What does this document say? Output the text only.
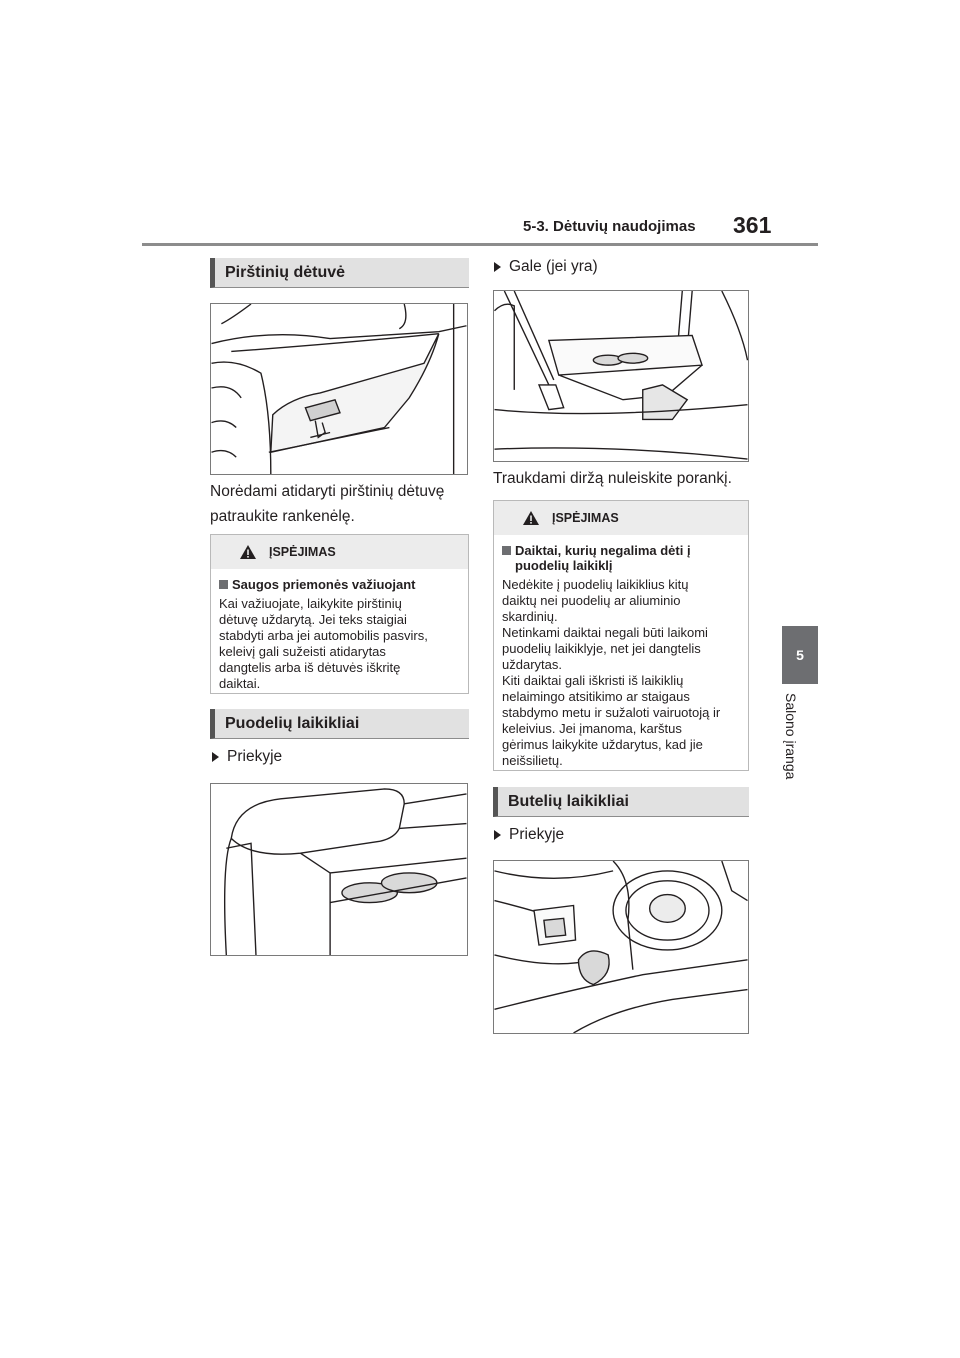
5-3. Dėtuvių naudojimas 361
5
Salono įranga
Pirštinių dėtuvė
Norėdami atidaryti pirštinių dėtuvę
patraukite rankenėlę.
ĮSPĖJIMAS
Saugos priemonės važiuojant
Kai važiuojate, laikykite pirštinių
dėtuvę uždarytą. Jei teks staigiai
stabdyti arba jei automobilis pasvirs,
keleivį gali sužeisti atidarytas
dangtelis arba iš dėtuvės iškritę
daiktai.
Puodelių laikikliai
Priekyje
Gale (jei yra)
Traukdami diržą nuleiskite porankį.
ĮSPĖJIMAS
Daiktai, kurių negalima dėti į
puodelių laikiklį
Nedėkite į puodelių laikiklius kitų
daiktų nei puodelių ar aliuminio
skardinių.
Netinkami daiktai negali būti laikomi
puodelių laikiklyje, net jei dangtelis
uždarytas.
Kiti daiktai gali iškristi iš laikiklių
nelaimingo atsitikimo ar staigaus
stabdymo metu ir sužaloti vairuotoją ir
keleivius. Jei įmanoma, karštus
gėrimus laikykite uždarytus, kad jie
neišsilietų.
Butelių laikikliai
Priekyje
